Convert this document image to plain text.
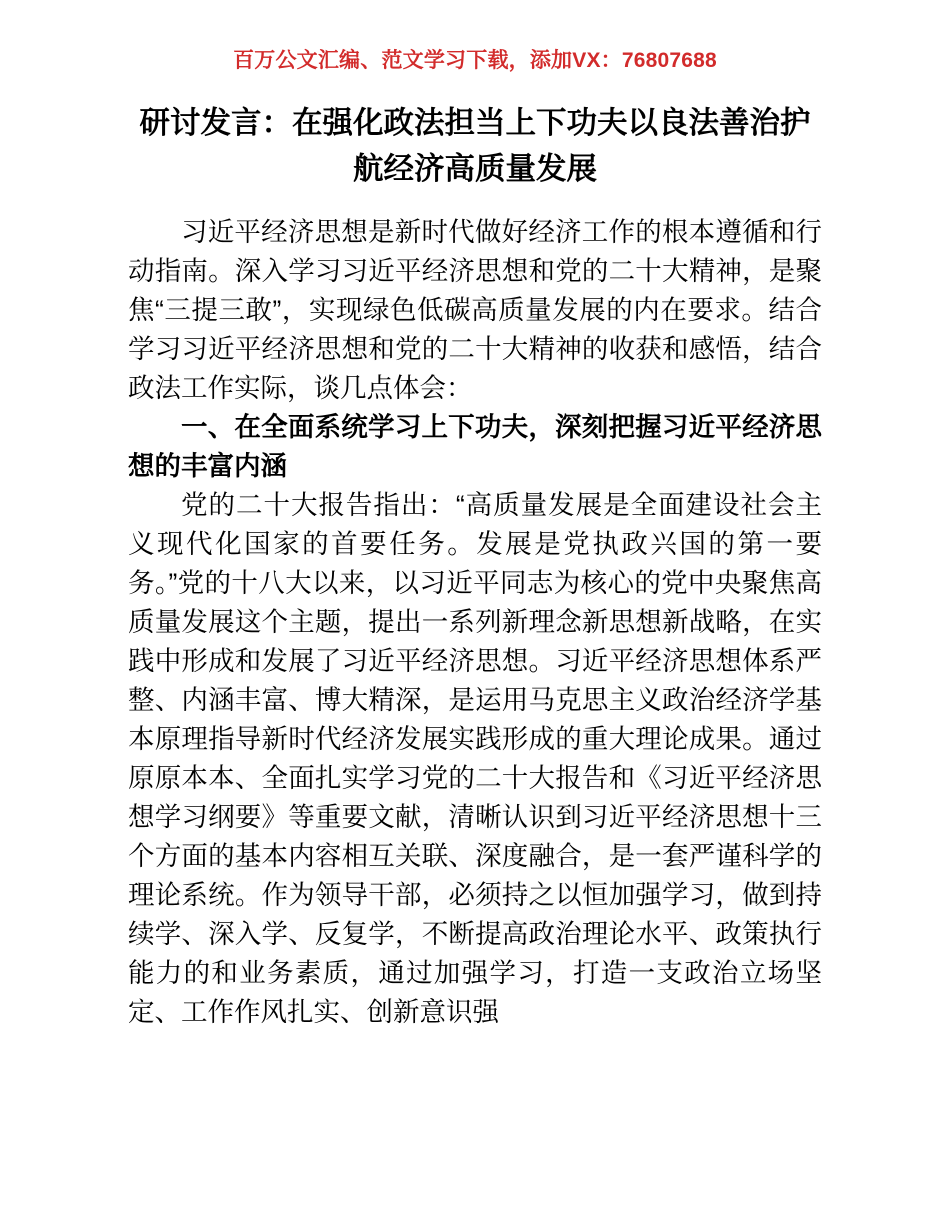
百万公文汇编、范文学习下载，添加VX：76807688
研讨发言：在强化政法担当上下功夫以良法善治护航经济高质量发展

习近平经济思想是新时代做好经济工作的根本遵循和行动指南。深入学习习近平经济思想和党的二十大精神，是聚焦“三提三敢”，实现绿色低碳高质量发展的内在要求。结合学习习近平经济思想和党的二十大精神的收获和感悟，结合政法工作实际，谈几点体会：

一、在全面系统学习上下功夫，深刻把握习近平经济思想的丰富内涵

党的二十大报告指出：“高质量发展是全面建设社会主义现代化国家的首要任务。发展是党执政兴国的第一要务。”党的十八大以来，以习近平同志为核心的党中央聚焦高质量发展这个主题，提出一系列新理念新思想新战略，在实践中形成和发展了习近平经济思想。习近平经济思想体系严整、内涵丰富、博大精深，是运用马克思主义政治经济学基本原理指导新时代经济发展实践形成的重大理论成果。通过原原本本、全面扎实学习党的二十大报告和《习近平经济思想学习纲要》等重要文献，清晰认识到习近平经济思想十三个方面的基本内容相互关联、深度融合，是一套严谨科学的理论系统。作为领导干部，必须持之以恒加强学习，做到持续学、深入学、反复学，不断提高政治理论水平、政策执行能力的和业务素质，通过加强学习，打造一支政治立场坚定、工作作风扎实、创新意识强
